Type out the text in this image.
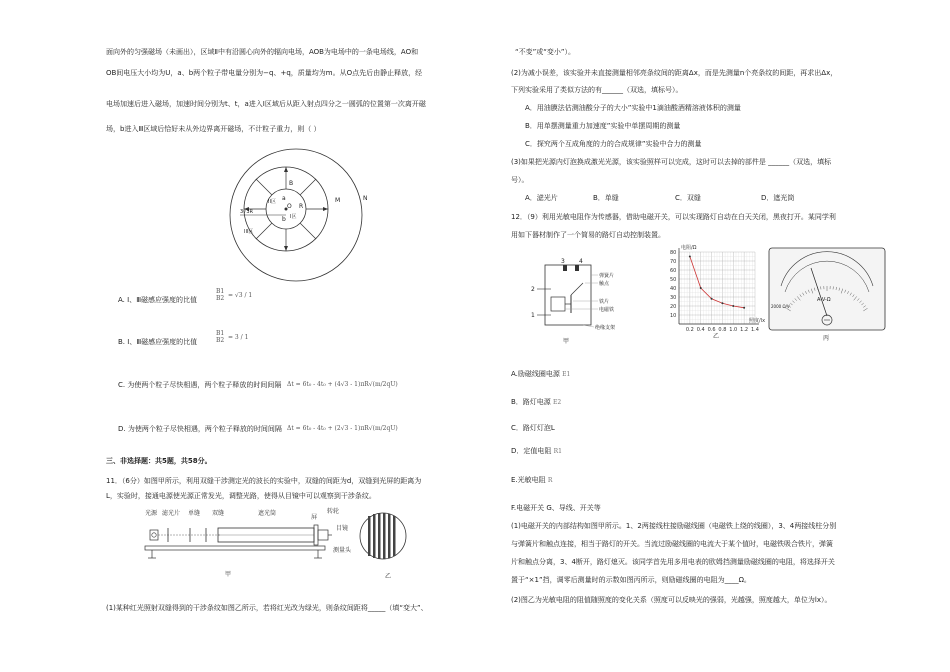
面向外的匀强磁场（未画出），区域Ⅱ中有沿圆心向外的辐向电场，AOB为电场中的一条电场线，AO和
OB间电压大小均为U，a、b两个粒子带电量分别为−q、+q，质量均为m。从O点先后由静止释放，经
电场加速后进入磁场，加速时间分别为t、t，a进入Ⅰ区域后从距入射点四分之一圆弧的位置第一次离开磁
场，b进入Ⅲ区域后恰好未从外边界离开磁场，不计粒子重力，则（ ）
O
a
b
B
I区
II区
III区
M	N
R
3√3R
A. Ⅰ、Ⅲ磁感应强度的比值
B1
B2 = √3 / 1
B. Ⅰ、Ⅲ磁感应强度的比值
B1
B2 = 3 / 1
C. 为使两个粒子尽快相遇，两个粒子释放的时间间隔 Δt = 6t₀ - 4t₀ + (4√3 - 1)πR√(m/2qU)
D. 为使两个粒子尽快相遇，两个粒子释放的时间间隔 Δt = 6t₀ - 4t₀ + (2√3 - 1)πR√(m/2qU)
三、非选择题：共5题，共58分。
11．（6分）如图甲所示，利用双缝干涉测定光的波长的实验中，双缝的间距为d，双缝到光屏的距离为
L，实验时，接通电源使光源正常发光，调整光路，使得从目镜中可以观察到干涉条纹。
光源 滤光片 单缝 双缝	遮光筒
屏
转轮
目镜
测量头
甲	乙
(1)某种红光照射双缝得到的干涉条纹如图乙所示，若将红光改为绿光，则条纹间距将_____（填“变大”、
“不变”或“变小”）。
(2)为减小误差，该实验并未直接测量相邻亮条纹间的距离Δx，而是先测量n个亮条纹的间距，再求出Δx，
下列实验采用了类似方法的有______（双选，填标号）。
A．用油膜法估测油酸分子的大小”实验中1滴油酸酒精溶液体积的测量
B．用单摆测量重力加速度”实验中单摆周期的测量
C．探究两个互成角度的力的合成规律”实验中合力的测量
(3)如果把光源内灯泡换成激光光源，该实验照样可以完成，这时可以去掉的部件是 ______（双选，填标
号）。
A．滤光片	B．单缝	C．双缝	D．遮光筒
12．（9）利用光敏电阻作为传感器，借助电磁开关，可以实现路灯自动在白天关闭，黑夜打开。某同学利
用如下器材制作了一个简易的路灯自动控制装置。
3 4
2
1
弹簧片
触点
铁片
电磁铁
绝缘支架
甲
0.2 0.4 0.6 0.8 1.0 1.2 1.4
10
20
30
40
50
60
70
80
电阻/Ω
照度/lx
乙
A-V-Ω
2000 Ω/V
丙
A.励磁线圈电源 E1
B．路灯电源 E2
C．路灯灯泡L
D．定值电阻 R1
E.光敏电阻 R
F.电磁开关 G、导线、开关等
(1)电磁开关的内部结构如图甲所示。1、2两接线柱接励磁线圈（电磁铁上绕的线圈），3、4两接线柱分别
与弹簧片和触点连接，相当于路灯的开关。当流过励磁线圈的电流大于某个值时，电磁铁吸合铁片，弹簧
片和触点分离，3、4断开，路灯熄灭。该同学首先用多用电表的欧姆挡测量励磁线圈的电阻，将选择开关
置于“×1”挡，调零后测量时的示数如图丙所示，则励磁线圈的电阻为____Ω。
(2)图乙为光敏电阻的阻值随照度的变化关系（照度可以反映光的强弱，光越强，照度越大，单位为lx）。
